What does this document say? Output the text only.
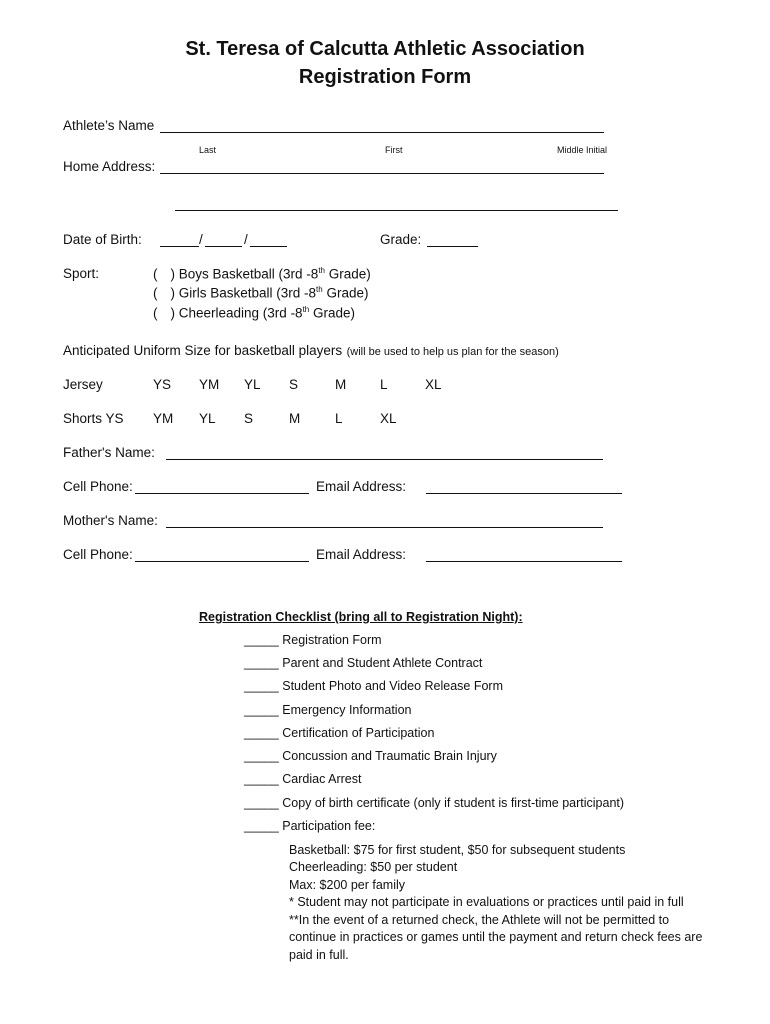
St. Teresa of Calcutta Athletic Association
Registration Form
Athlete’s Name
Last	First	Middle Initial
Home Address:
Date of Birth:	/	/	Grade:
Sport:	( ) Boys Basketball (3rd -8th Grade)
( ) Girls Basketball (3rd -8th Grade)
( ) Cheerleading (3rd -8th Grade)
Anticipated Uniform Size for basketball players (will be used to help us plan for the season)
Jersey	YS YM YL S	M	L	XL
Shorts YS YM YL S	M	L	XL
Father's Name:
Cell Phone:	Email Address:
Mother's Name:
Cell Phone:	Email Address:
Registration Checklist (bring all to Registration Night):
_____ Registration Form
_____ Parent and Student Athlete Contract
_____ Student Photo and Video Release Form
_____ Emergency Information
_____ Certification of Participation
_____ Concussion and Traumatic Brain Injury
_____ Cardiac Arrest
_____ Copy of birth certificate (only if student is first-time participant)
_____ Participation fee:
Basketball: $75 for first student, $50 for subsequent students
Cheerleading: $50 per student
Max: $200 per family
* Student may not participate in evaluations or practices until paid in full
**In the event of a returned check, the Athlete will not be permitted to
continue in practices or games until the payment and return check fees are
paid in full.
